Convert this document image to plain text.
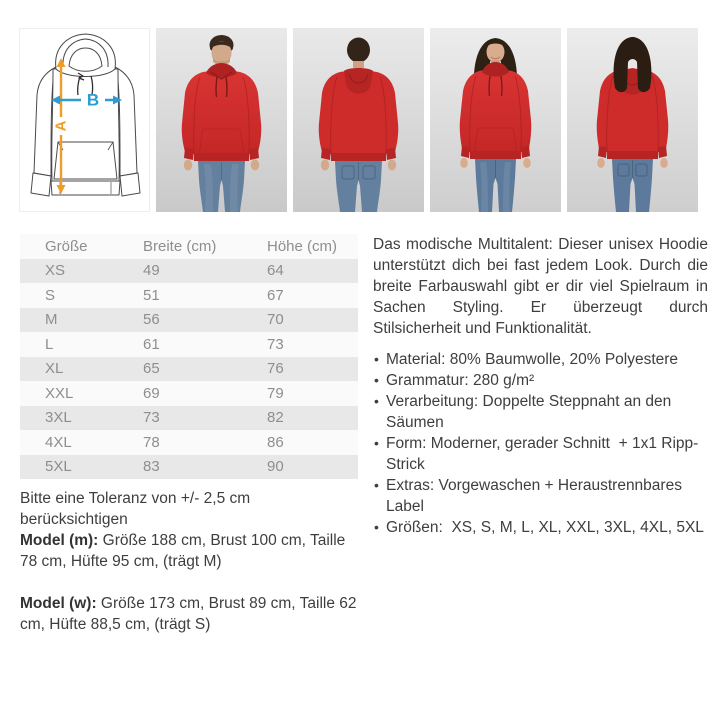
A
B
Größe	Breite (cm)	Höhe (cm)
XS	49	64
S	51	67
M	56	70
L	61	73
XL	65	76
XXL	69	79
3XL	73	82
4XL	78	86
5XL	83	90

Bitte eine Toleranz von +/- 2,5 cm berücksichtigen

Model (m): Größe 188 cm, Brust 100 cm, Taille 78 cm, Hüfte 95 cm, (trägt M)

Model (w): Größe 173 cm, Brust 89 cm, Taille 62 cm, Hüfte 88,5 cm, (trägt S)

Das modische Multitalent: Dieser unisex Hoodie unterstützt dich bei fast jedem Look. Durch die breite Farbauswahl gibt er dir viel Spielraum in Sachen Styling. Er überzeugt durch Stilsicherheit und Funktionalität.

• Material: 80% Baumwolle, 20% Polyestere
• Grammatur: 280 g/m²
• Verarbeitung: Doppelte Steppnaht an den Säumen
• Form: Moderner, gerader Schnitt  + 1x1 Ripp-Strick
• Extras: Vorgewaschen + Heraustrennbares Label
• Größen:  XS, S, M, L, XL, XXL, 3XL, 4XL, 5XL
